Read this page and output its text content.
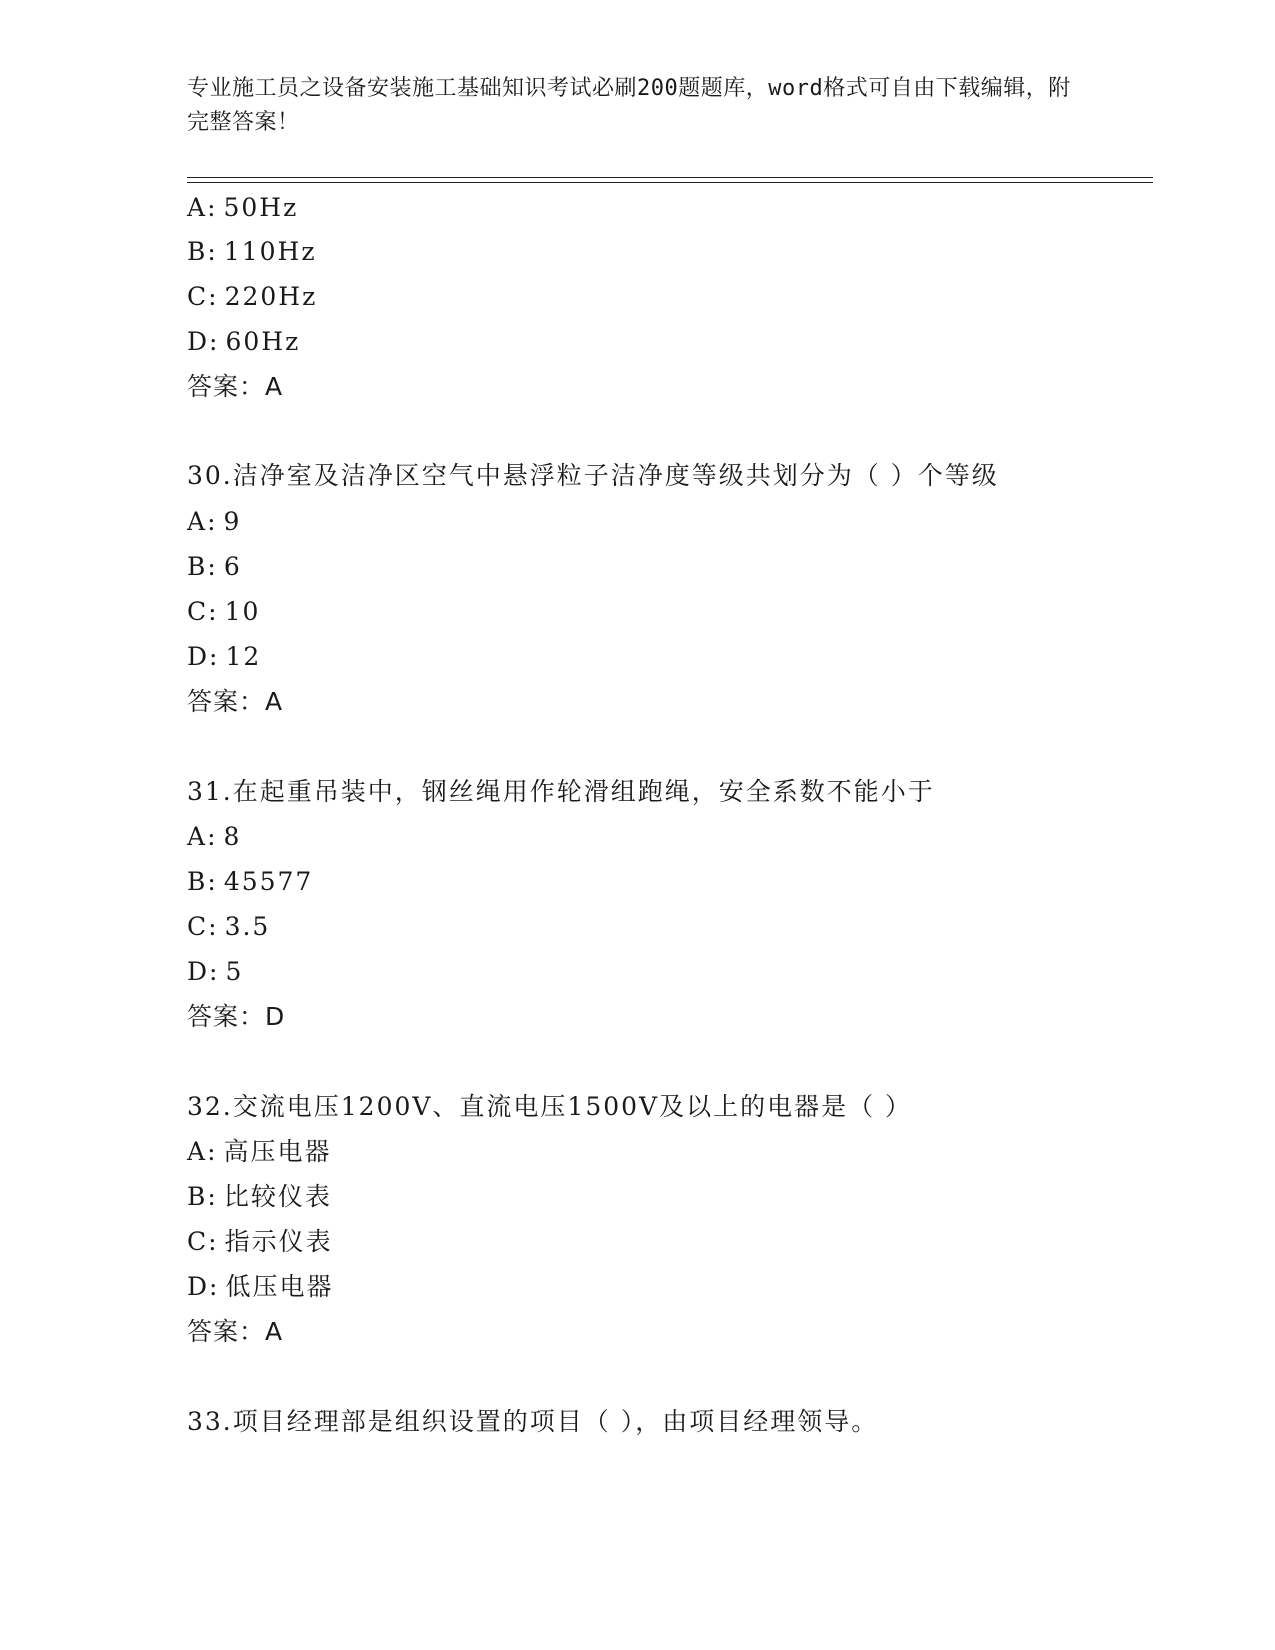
专业施工员之设备安装施工基础知识考试必刷200题题库，word格式可自由下载编辑，附完整答案！
A: 50Hz
B: 110Hz
C: 220Hz
D: 60Hz
答案：A
30.洁净室及洁净区空气中悬浮粒子洁净度等级共划分为（ ）个等级
A: 9
B: 6
C: 10
D: 12
答案：A
31.在起重吊装中，钢丝绳用作轮滑组跑绳，安全系数不能小于
A: 8
B: 45577
C: 3.5
D: 5
答案：D
32.交流电压1200V、直流电压1500V及以上的电器是（ ）
A: 高压电器
B: 比较仪表
C: 指示仪表
D: 低压电器
答案：A
33.项目经理部是组织设置的项目（ ），由项目经理领导。
